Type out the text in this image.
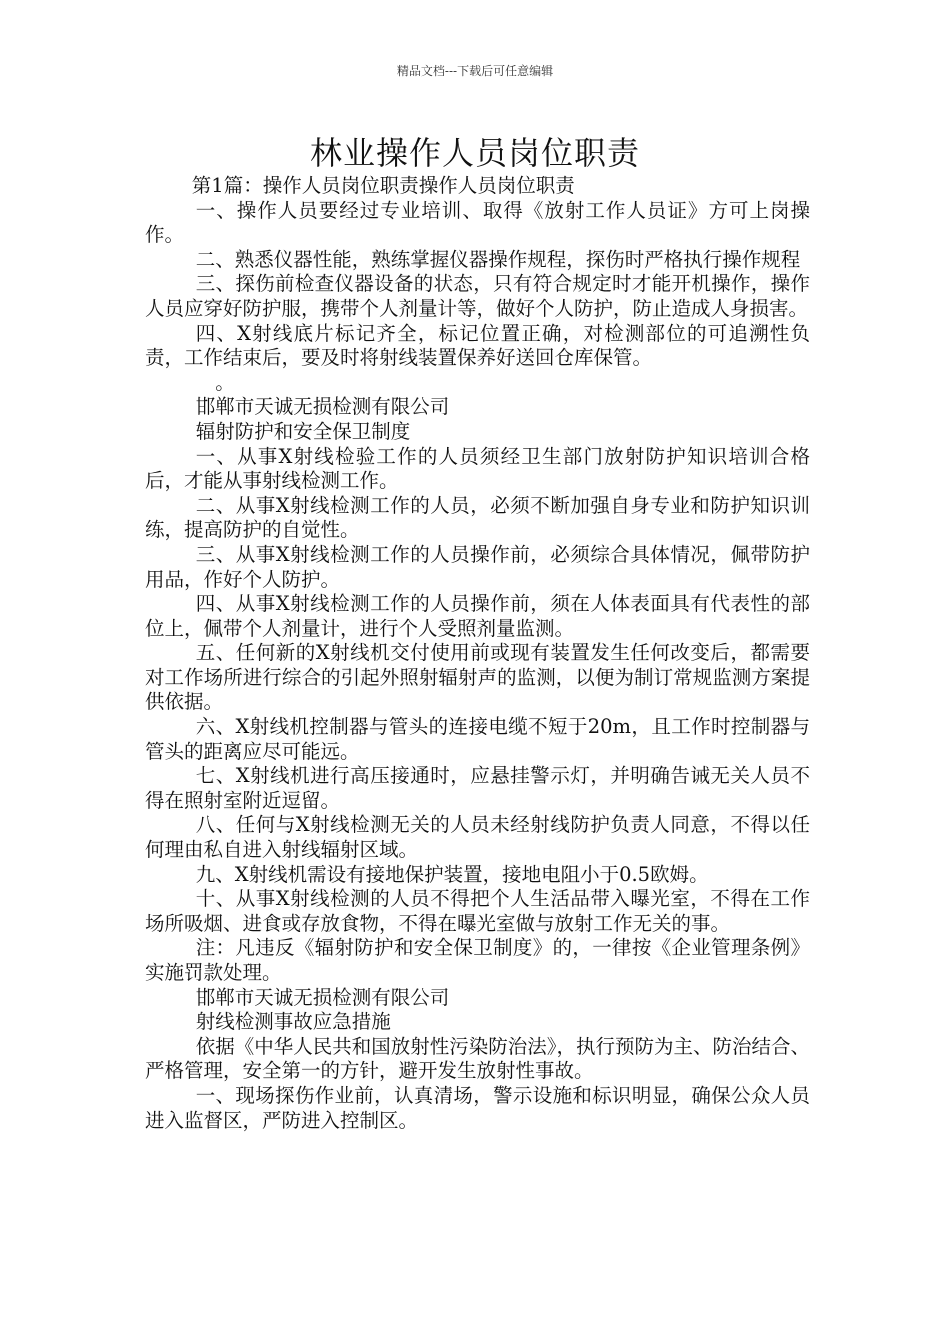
精品文档---下载后可任意编辑
林业操作人员岗位职责

第1篇：操作人员岗位职责操作人员岗位职责

一、操作人员要经过专业培训、取得《放射工作人员证》方可上岗操作。

二、熟悉仪器性能，熟练掌握仪器操作规程，探伤时严格执行操作规程

三、探伤前检查仪器设备的状态，只有符合规定时才能开机操作，操作人员应穿好防护服，携带个人剂量计等，做好个人防护，防止造成人身损害。

四、X射线底片标记齐全，标记位置正确，对检测部位的可追溯性负责，工作结束后，要及时将射线装置保养好送回仓库保管。

。

邯郸市天诚无损检测有限公司

辐射防护和安全保卫制度

一、从事X射线检验工作的人员须经卫生部门放射防护知识培训合格后，才能从事射线检测工作。

二、从事X射线检测工作的人员，必须不断加强自身专业和防护知识训练，提高防护的自觉性。

三、从事X射线检测工作的人员操作前，必须综合具体情况，佩带防护用品，作好个人防护。

四、从事X射线检测工作的人员操作前，须在人体表面具有代表性的部位上，佩带个人剂量计，进行个人受照剂量监测。

五、任何新的X射线机交付使用前或现有装置发生任何改变后，都需要对工作场所进行综合的引起外照射辐射声的监测，以便为制订常规监测方案提供依据。

六、X射线机控制器与管头的连接电缆不短于20m，且工作时控制器与管头的距离应尽可能远。

七、X射线机进行高压接通时，应悬挂警示灯，并明确告诫无关人员不得在照射室附近逗留。

八、任何与X射线检测无关的人员未经射线防护负责人同意，不得以任何理由私自进入射线辐射区域。

九、X射线机需设有接地保护装置，接地电阻小于0.5欧姆。

十、从事X射线检测的人员不得把个人生活品带入曝光室，不得在工作场所吸烟、进食或存放食物，不得在曝光室做与放射工作无关的事。

注：凡违反《辐射防护和安全保卫制度》的，一律按《企业管理条例》实施罚款处理。

邯郸市天诚无损检测有限公司

射线检测事故应急措施

依据《中华人民共和国放射性污染防治法》，执行预防为主、防治结合、严格管理，安全第一的方针，避开发生放射性事故。

一、现场探伤作业前，认真清场，警示设施和标识明显，确保公众人员进入监督区，严防进入控制区。
